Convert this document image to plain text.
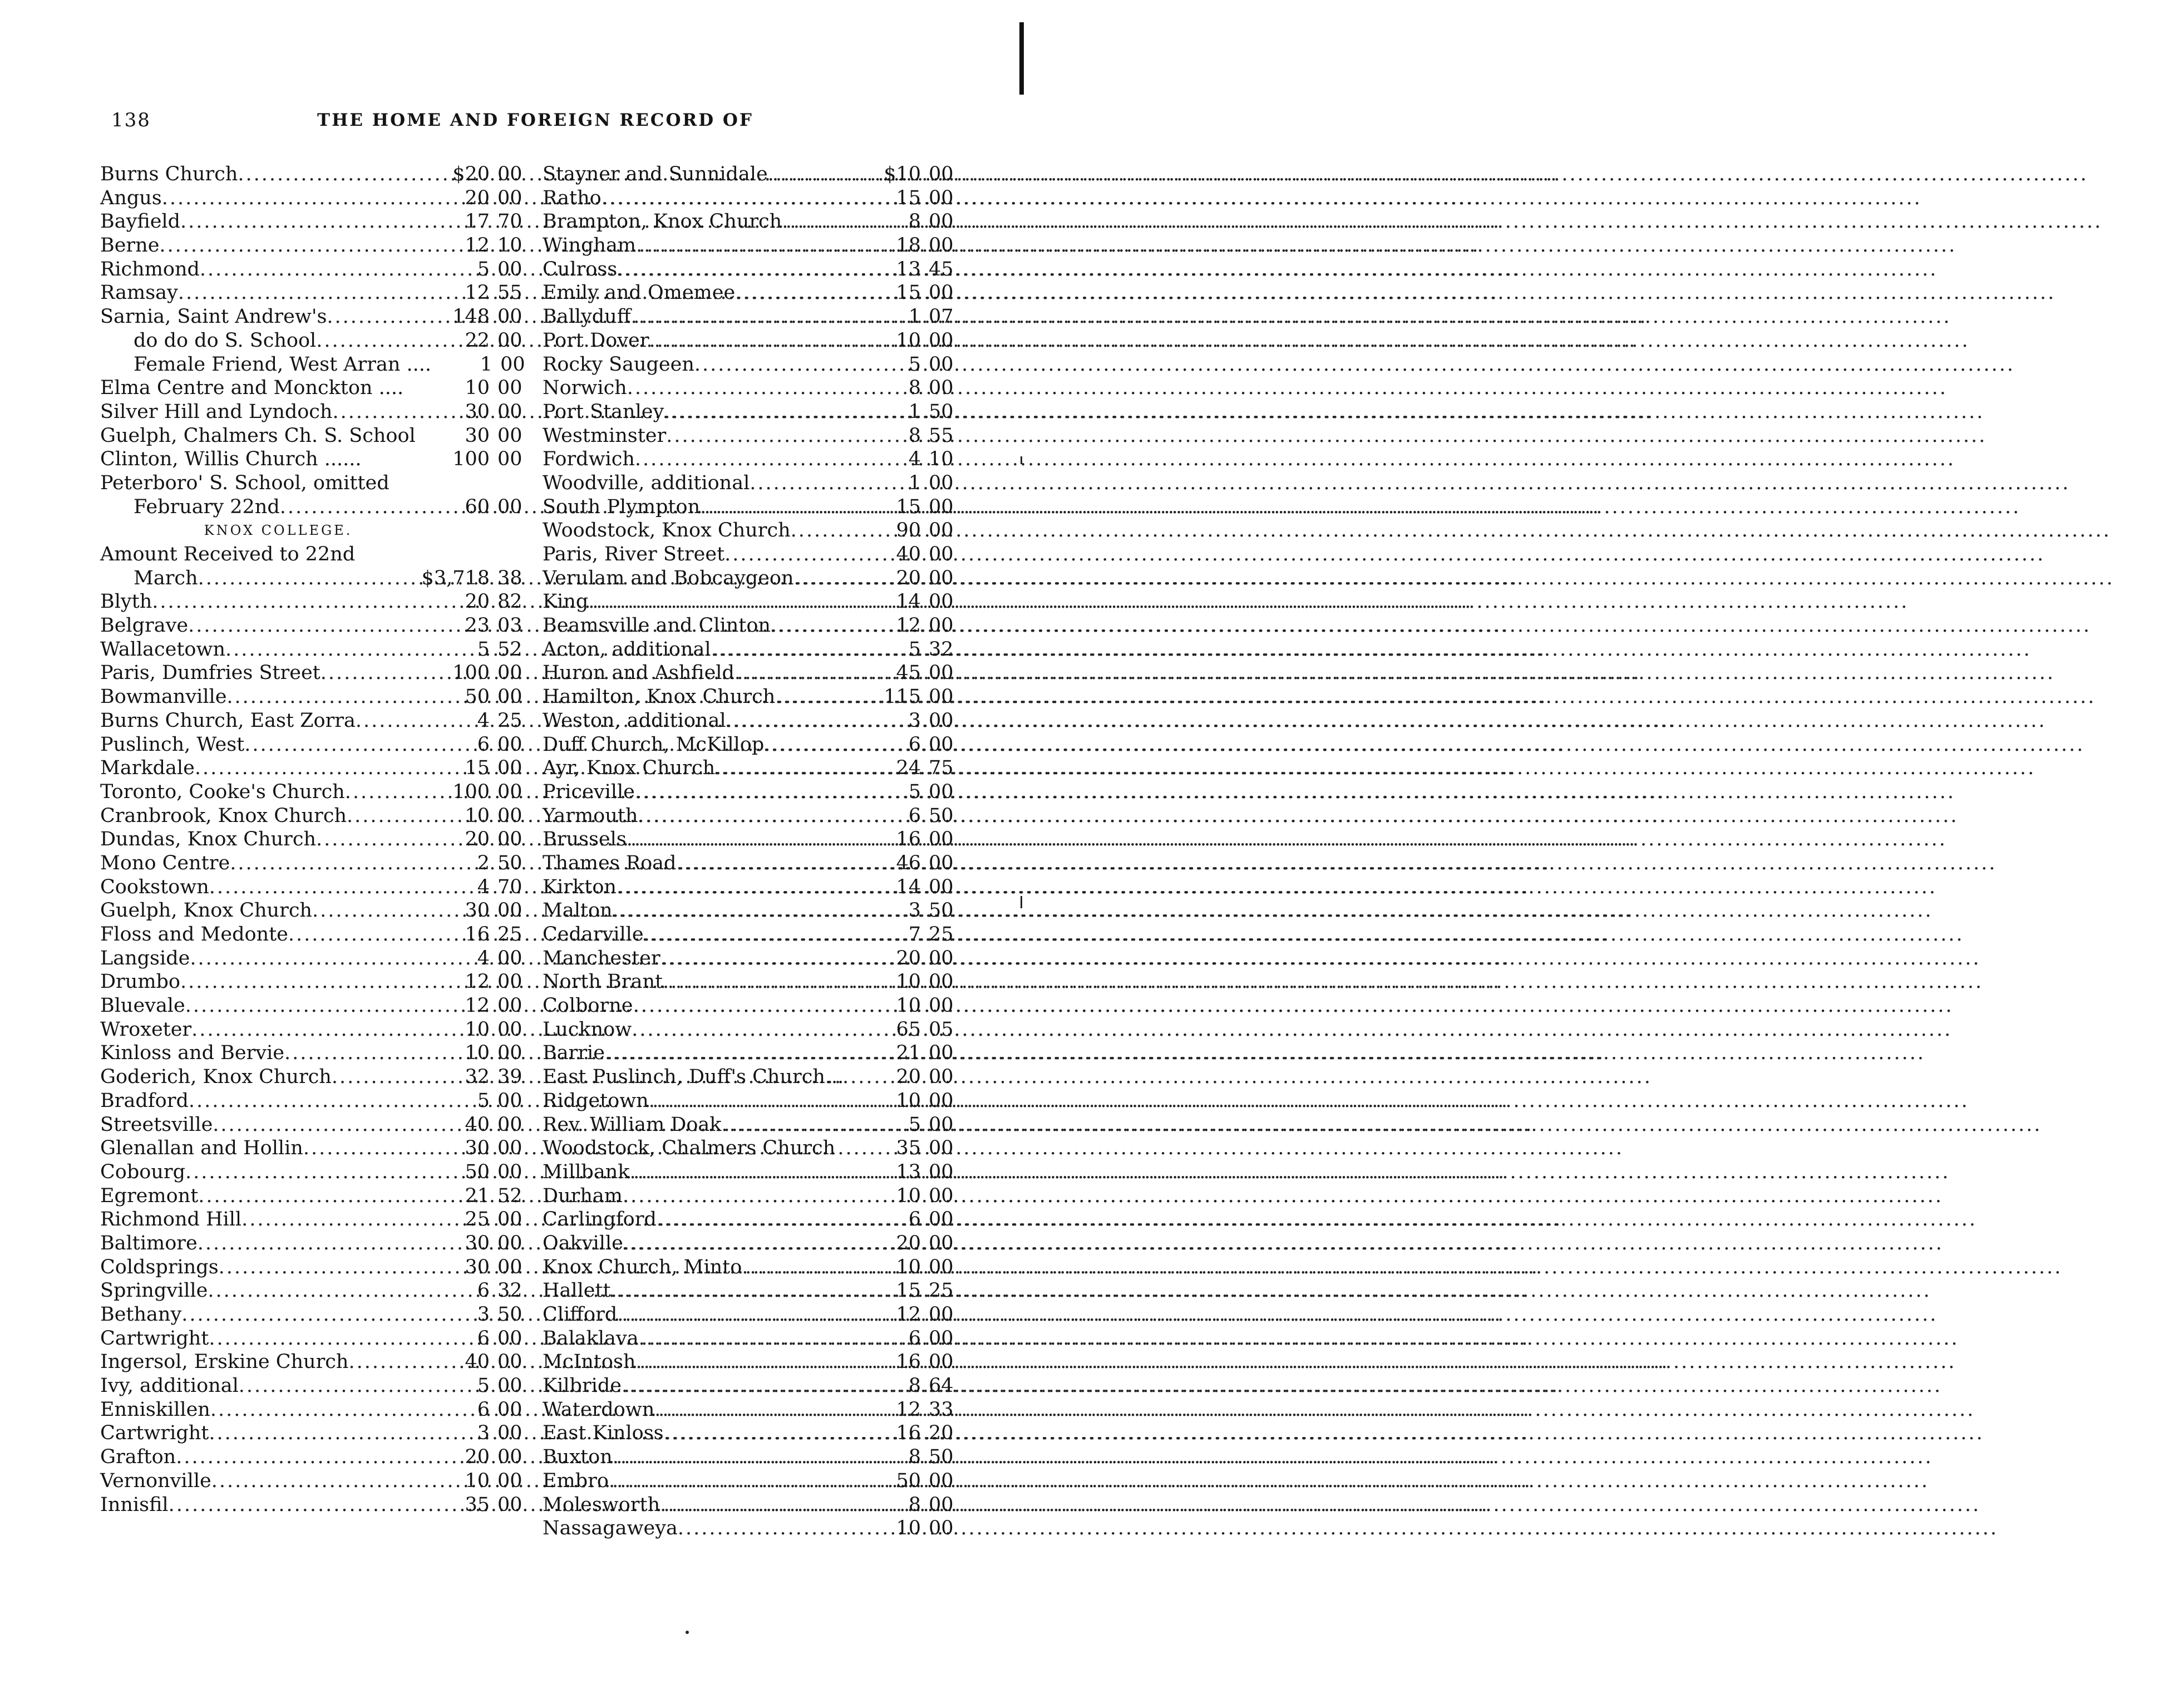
138	THE HOME AND FOREIGN RECORD OF
Burns Church .....	$20 00
Angus .....	20 00
Bayfield .....	17 70
Berne .....	12 10
Richmond .....	5 00
Ramsay .....	12 55
Sarnia, Saint Andrew's .....	148 00
do do do S. School .....	22 00
Female Friend, West Arran ....	1 00
Elma Centre and Monckton ....	10 00
Silver Hill and Lyndoch .....	30 00
Guelph, Chalmers Ch. S. School	30 00
Clinton, Willis Church ......	100 00
Peterboro' S. School, omitted
February 22nd .....	60 00
KNOX COLLEGE.
Amount Received to 22nd
March .....	$3,718 38
Blyth .....	20 82
Belgrave .....	23 03
Wallacetown .....	5 52
Paris, Dumfries Street .....	100 00
Bowmanville .....	50 00
Burns Church, East Zorra .....	4 25
Puslinch, West .....	6 00
Markdale .....	15 00
Toronto, Cooke's Church .....	100 00
Cranbrook, Knox Church .....	10 00
Dundas, Knox Church .....	20 00
Mono Centre .....	2 50
Cookstown .....	4 70
Guelph, Knox Church .....	30 00
Floss and Medonte .....	16 25
Langside .....	4 00
Drumbo .....	12 00
Bluevale .....	12 00
Wroxeter .....	10 00
Kinloss and Bervie .....	10 00
Goderich, Knox Church .....	32 39
Bradford .....	5 00
Streetsville .....	40 00
Glenallan and Hollin .....	30 00
Cobourg .....	50 00
Egremont .....	21 52
Richmond Hill .....	25 00
Baltimore .....	30 00
Coldsprings .....	30 00
Springville .....	6 32
Bethany .....	3 50
Cartwright .....	6 00
Ingersol, Erskine Church .....	40 00
Ivy, additional .....	5 00
Enniskillen .....	6 00
Cartwright .....	3 00
Grafton .....	20 00
Vernonville .....	10 00
Innisfil .....	35 00
Stayner and Sunnidale .....	$10 00
Ratho .....	15 00
Brampton, Knox Church .....	8 00
Wingham .....	18 00
Culross .....	13 45
Emily and Omemee .....	15 00
Ballyduff .....	1 07
Port Dover .....	10 00
Rocky Saugeen .....	5 00
Norwich .....	8 00
Port Stanley .....	1 50
Westminster .....	8 55
Fordwich .....	4 10
Woodville, additional .....	1 00
South Plympton .....	15 00
Woodstock, Knox Church .....	90 00
Paris, River Street .....	40 00
Verulam and Bobcaygeon .....	20 00
King .....	14 00
Beamsville and Clinton .....	12 00
Acton, additional .....	5 32
Huron and Ashfield .....	45 00
Hamilton, Knox Church .....	115 00
Weston, additional .....	3 00
Duff Church, McKillop .....	6 00
Ayr, Knox Church .....	24 75
Priceville .....	5 00
Yarmouth .....	6 50
Brussels .....	16 00
Thames Road .....	46 00
Kirkton .....	14 00
Malton .....	3 50
Cedarville .....	7 25
Manchester .....	20 00
North Brant .....	10 00
Colborne .....	10 00
Lucknow .....	65 05
Barrie .....	21 00
East Puslinch, Duff's Church...	20 00
Ridgetown .....	10 00
Rev. William Doak .....	5 00
Woodstock, Chalmers Church	35 00
Millbank .....	13 00
Durham .....	10 00
Carlingford .....	6 00
Oakville .....	20 00
Knox Church, Minto .....	10 00
Hallett .....	15 25
Clifford .....	12 00
Balaklava .....	6 00
McIntosh .....	16 00
Kilbride .....	8 64
Waterdown .....	12 33
East Kinloss .....	16 20
Buxton .....	8 50
Embro .....	50 00
Molesworth .....	8 00
Nassagaweya .....	10 00
